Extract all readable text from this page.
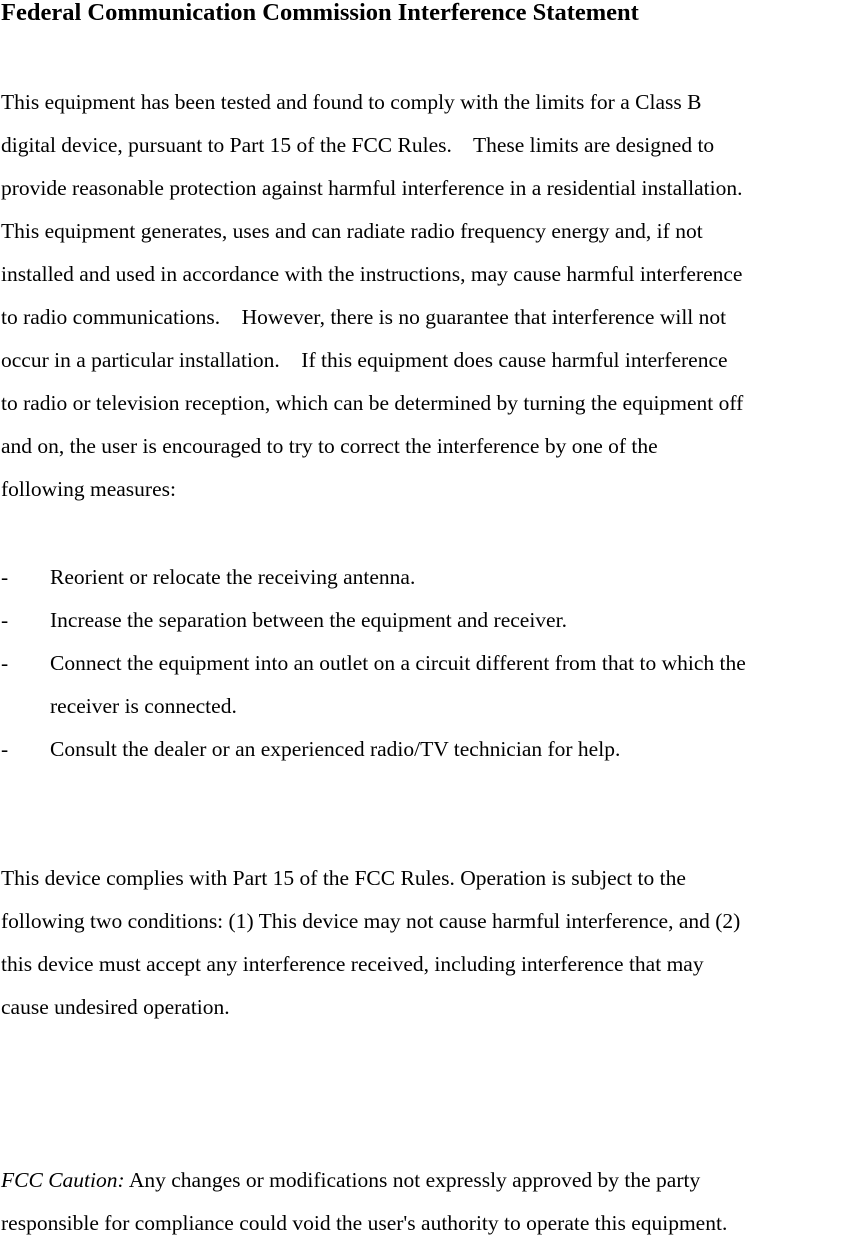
Federal Communication Commission Interference Statement
This equipment has been tested and found to comply with the limits for a Class B
digital device, pursuant to Part 15 of the FCC Rules.    These limits are designed to
provide reasonable protection against harmful interference in a residential installation.
This equipment generates, uses and can radiate radio frequency energy and, if not
installed and used in accordance with the instructions, may cause harmful interference
to radio communications.    However, there is no guarantee that interference will not
occur in a particular installation.    If this equipment does cause harmful interference
to radio or television reception, which can be determined by turning the equipment off
and on, the user is encouraged to try to correct the interference by one of the
following measures:

-

Reorient or relocate the receiving antenna.

-

Increase the separation between the equipment and receiver.

-

Connect the equipment into an outlet on a circuit different from that to which the

receiver is connected.

-

Consult the dealer or an experienced radio/TV technician for help.

This device complies with Part 15 of the FCC Rules. Operation is subject to the
following two conditions: (1) This device may not cause harmful interference, and (2)
this device must accept any interference received, including interference that may
cause undesired operation.
FCC Caution: Any changes or modifications not expressly approved by the party
responsible for compliance could void the user's authority to operate this equipment.
